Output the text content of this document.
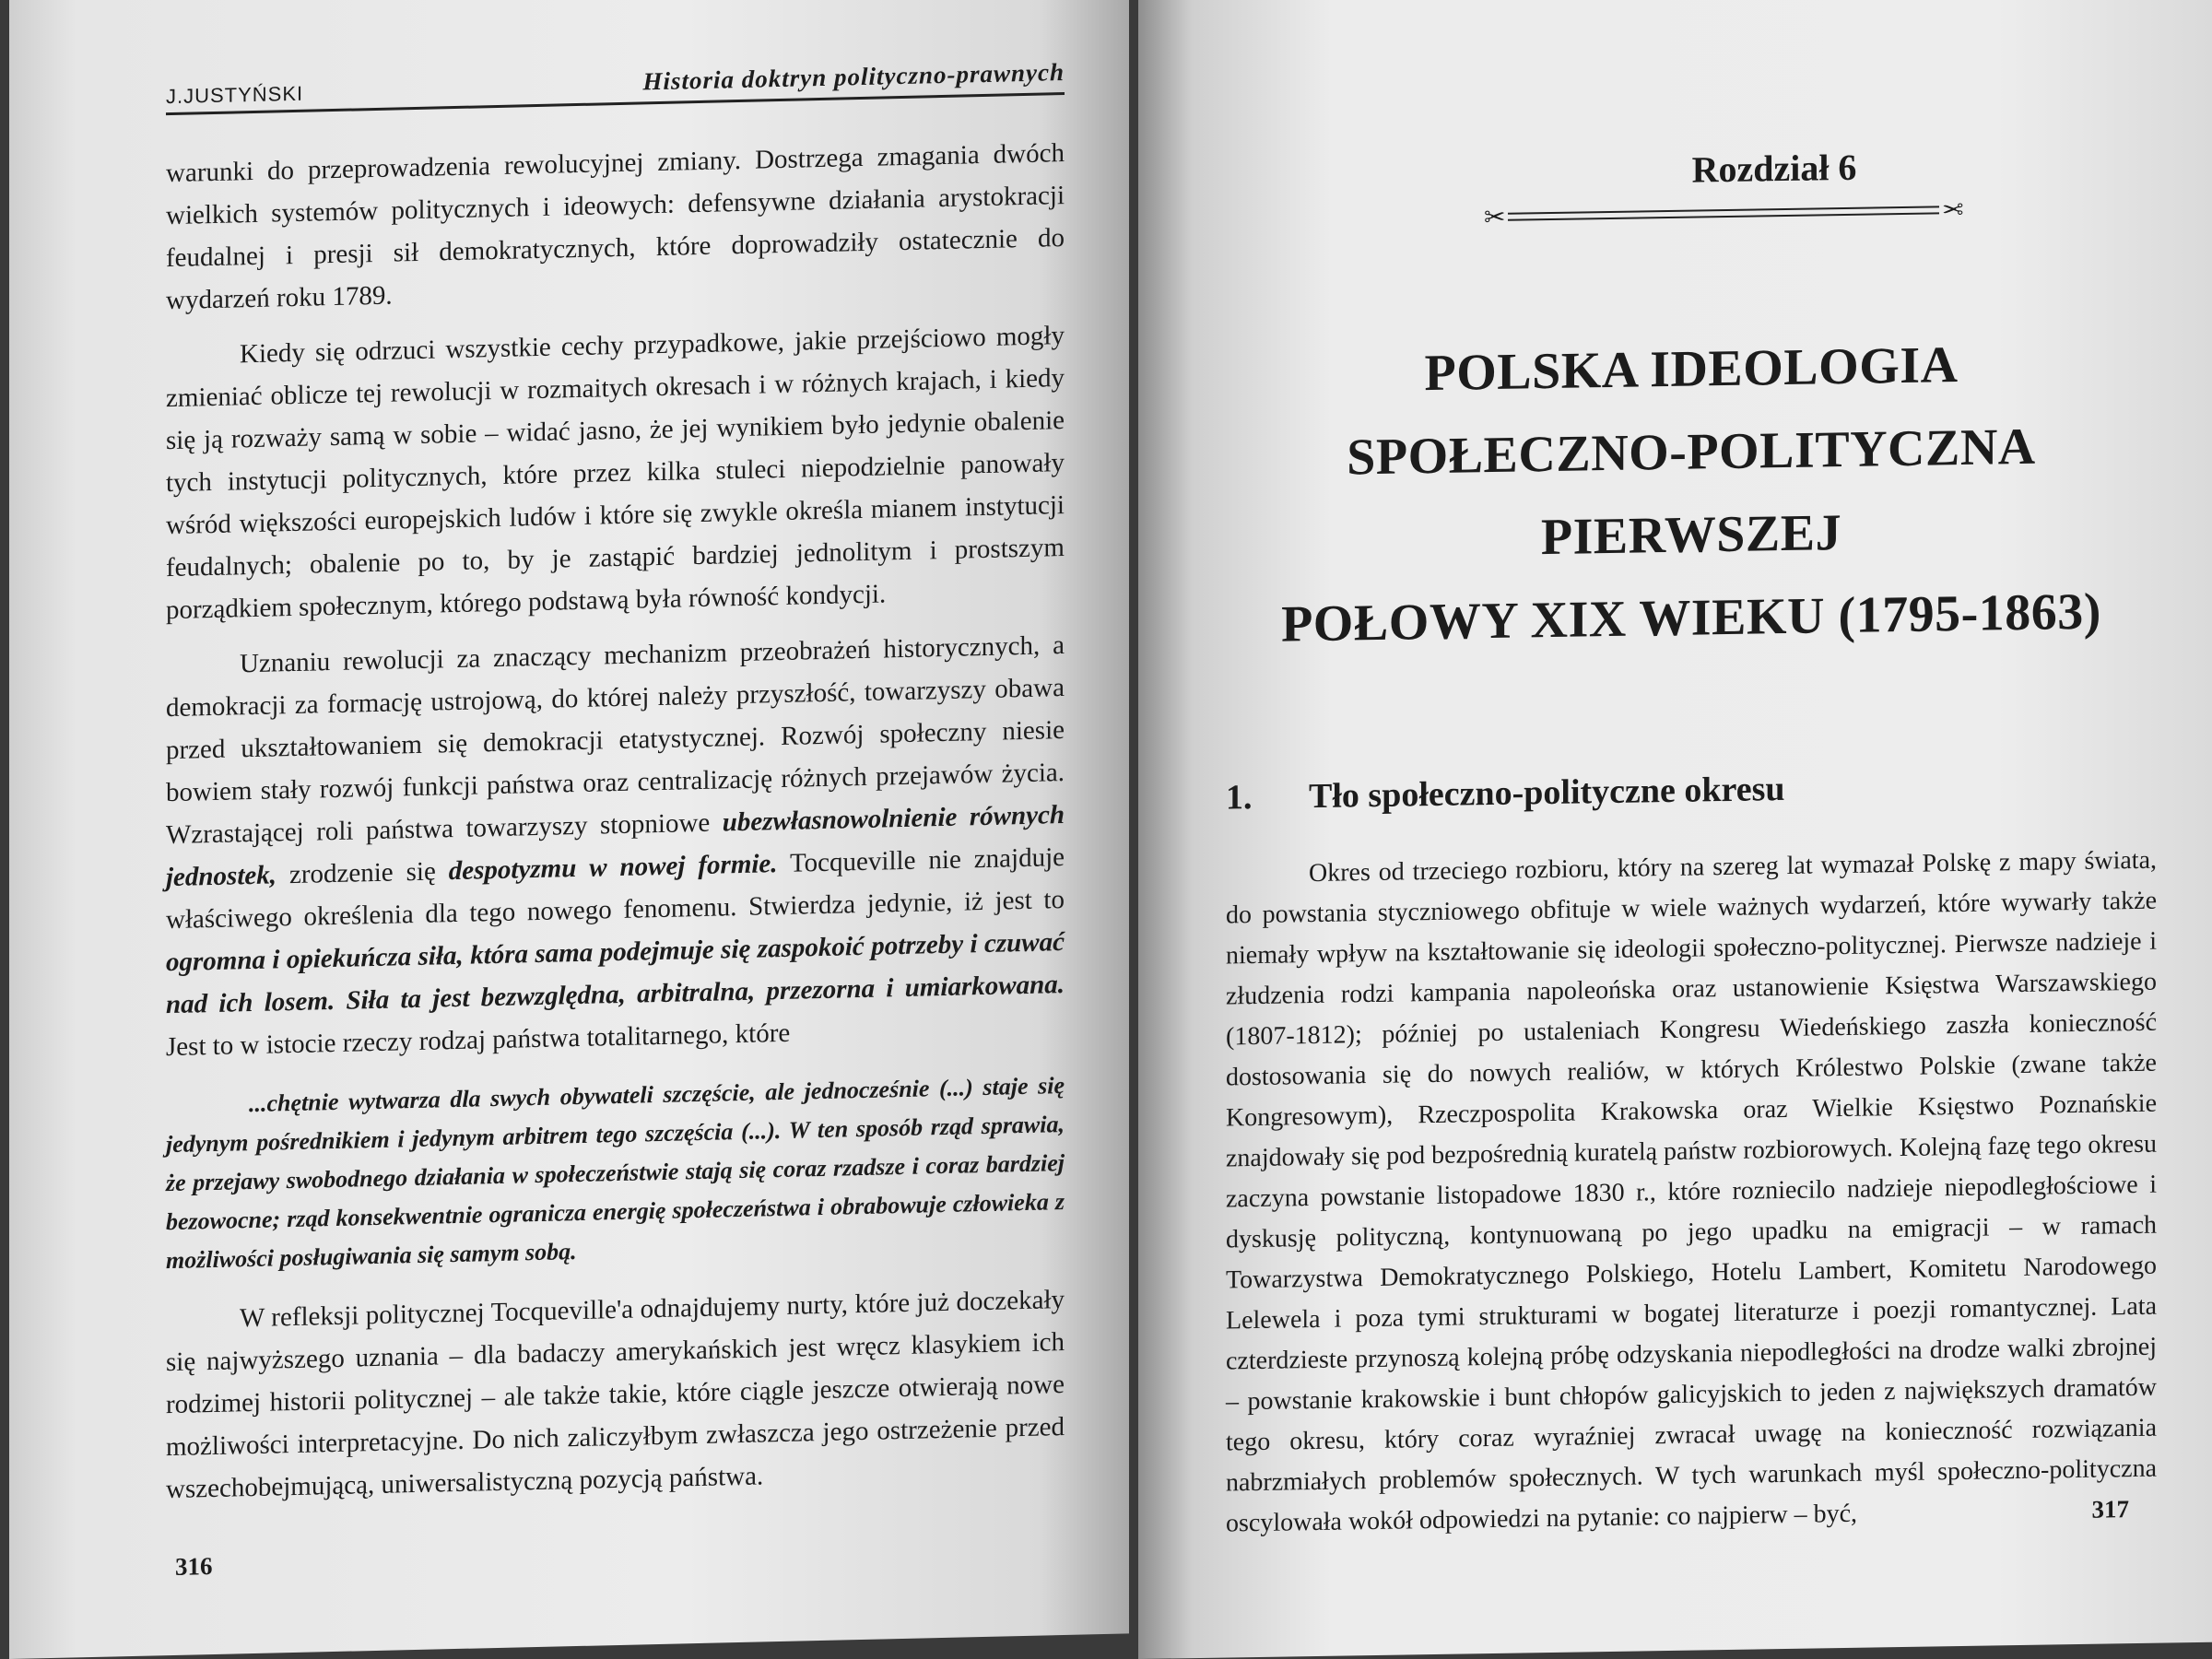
J.JUSTYŃSKI	Historia doktryn polityczno-prawnych

warunki do przeprowadzenia rewolucyjnej zmiany. Dostrzega zmagania dwóch wielkich systemów politycznych i ideowych: defensywne działania arystokracji feudalnej i presji sił demokratycznych, które doprowadziły ostatecznie do wydarzeń roku 1789.

Kiedy się odrzuci wszystkie cechy przypadkowe, jakie przejściowo mogły zmieniać oblicze tej rewolucji w rozmaitych okresach i w różnych krajach, i kiedy się ją rozważy samą w sobie – widać jasno, że jej wynikiem było jedynie obalenie tych instytucji politycznych, które przez kilka stuleci niepodzielnie panowały wśród większości europejskich ludów i które się zwykle określa mianem instytucji feudalnych; obalenie po to, by je zastąpić bardziej jednolitym i prostszym porządkiem społecznym, którego podstawą była równość kondycji.

Uznaniu rewolucji za znaczący mechanizm przeobrażeń historycznych, a demokracji za formację ustrojową, do której należy przyszłość, towarzyszy obawa przed ukształtowaniem się demokracji etatystycznej. Rozwój społeczny niesie bowiem stały rozwój funkcji państwa oraz centralizację różnych przejawów życia. Wzrastającej roli państwa towarzyszy stopniowe ubezwłasnowolnienie równych jednostek, zrodzenie się despotyzmu w nowej formie. Tocqueville nie znajduje właściwego określenia dla tego nowego fenomenu. Stwierdza jedynie, iż jest to ogromna i opiekuńcza siła, która sama podejmuje się zaspokoić potrzeby i czuwać nad ich losem. Siła ta jest bezwzględna, arbitralna, przezorna i umiarkowana. Jest to w istocie rzeczy rodzaj państwa totalitarnego, które

...chętnie wytwarza dla swych obywateli szczęście, ale jednocześnie (...) staje się jedynym pośrednikiem i jedynym arbitrem tego szczęścia (...). W ten sposób rząd sprawia, że przejawy swobodnego działania w społeczeństwie stają się coraz rzadsze i coraz bardziej bezowocne; rząd konsekwentnie ogranicza energię społeczeństwa i obrabowuje człowieka z możliwości posługiwania się samym sobą.

W refleksji politycznej Tocqueville'a odnajdujemy nurty, które już doczekały się najwyższego uznania – dla badaczy amerykańskich jest wręcz klasykiem ich rodzimej historii politycznej – ale także takie, które ciągle jeszcze otwierają nowe możliwości interpretacyjne. Do nich zaliczyłbym zwłaszcza jego ostrzeżenie przed wszechobejmującą, uniwersalistyczną pozycją państwa.

316
Rozdział 6
✂	✂
POLSKA IDEOLOGIA
SPOŁECZNO-POLITYCZNA PIERWSZEJ
POŁOWY XIX WIEKU (1795-1863)
1. Tło społeczno-polityczne okresu

Okres od trzeciego rozbioru, który na szereg lat wymazał Polskę z mapy świata, do powstania styczniowego obfituje w wiele ważnych wydarzeń, które wywarły także niemały wpływ na kształtowanie się ideologii społeczno-politycznej. Pierwsze nadzieje i złudzenia rodzi kampania napoleońska oraz ustanowienie Księstwa Warszawskiego (1807-1812); później po ustaleniach Kongresu Wiedeńskiego zaszła konieczność dostosowania się do nowych realiów, w których Królestwo Polskie (zwane także Kongresowym), Rzeczpospolita Krakowska oraz Wielkie Księstwo Poznańskie znajdowały się pod bezpośrednią kuratelą państw rozbiorowych. Kolejną fazę tego okresu zaczyna powstanie listopadowe 1830 r., które rozniecilo nadzieje niepodległościowe i dyskusję polityczną, kontynuowaną po jego upadku na emigracji – w ramach Towarzystwa Demokratycznego Polskiego, Hotelu Lambert, Komitetu Narodowego Lelewela i poza tymi strukturami w bogatej literaturze i poezji romantycznej. Lata czterdzieste przynoszą kolejną próbę odzyskania niepodległości na drodze walki zbrojnej – powstanie krakowskie i bunt chłopów galicyjskich to jeden z największych dramatów tego okresu, który coraz wyraźniej zwracał uwagę na konieczność rozwiązania nabrzmiałych problemów społecznych. W tych warunkach myśl społeczno-polityczna oscylowała wokół odpowiedzi na pytanie: co najpierw – być,	317
